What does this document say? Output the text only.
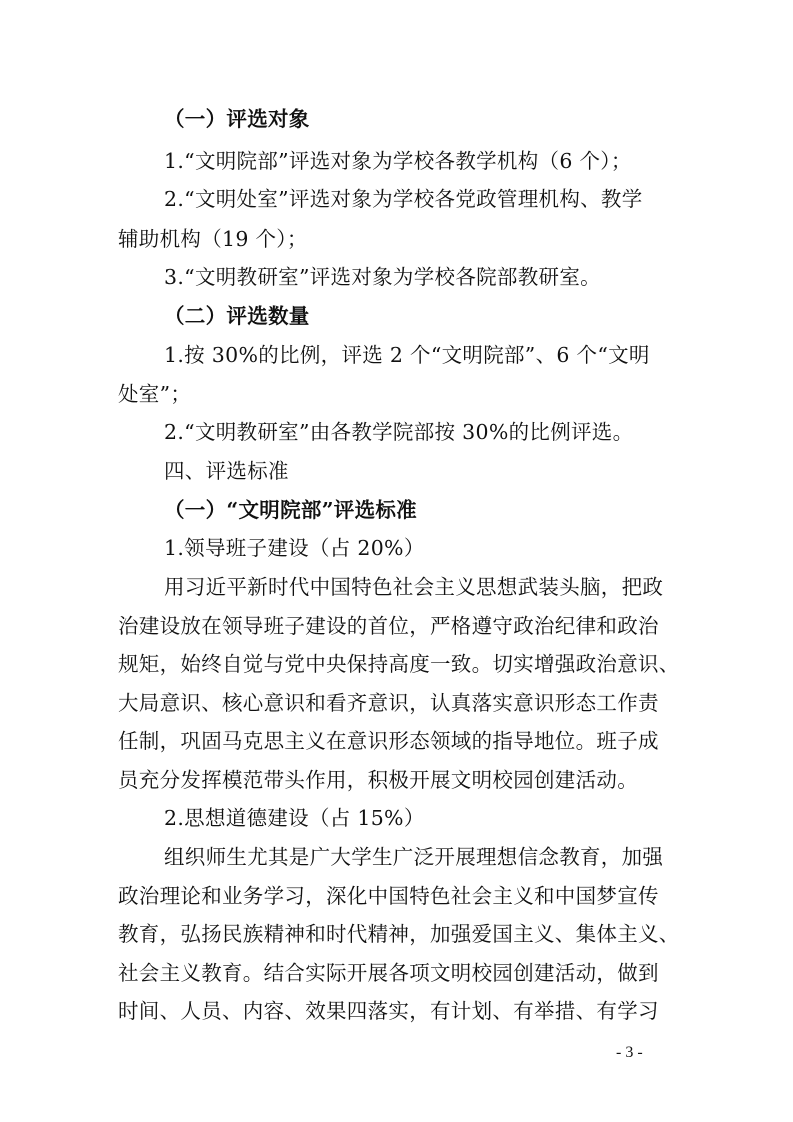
（一）评选对象
1.“文明院部”评选对象为学校各教学机构（6 个）；
2.“文明处室”评选对象为学校各党政管理机构、教学
辅助机构（19 个）；
3.“文明教研室”评选对象为学校各院部教研室。
（二）评选数量
1.按 30%的比例，评选 2 个“文明院部”、6 个“文明
处室”；
2.“文明教研室”由各教学院部按 30%的比例评选。
四、评选标准
（一）“文明院部”评选标准
1.领导班子建设（占 20%）
用习近平新时代中国特色社会主义思想武装头脑，把政
治建设放在领导班子建设的首位，严格遵守政治纪律和政治
规矩，始终自觉与党中央保持高度一致。切实增强政治意识、
大局意识、核心意识和看齐意识，认真落实意识形态工作责
任制，巩固马克思主义在意识形态领域的指导地位。班子成
员充分发挥模范带头作用，积极开展文明校园创建活动。
2.思想道德建设（占 15%）
组织师生尤其是广大学生广泛开展理想信念教育，加强
政治理论和业务学习，深化中国特色社会主义和中国梦宣传
教育，弘扬民族精神和时代精神，加强爱国主义、集体主义、
社会主义教育。结合实际开展各项文明校园创建活动，做到
时间、人员、内容、效果四落实，有计划、有举措、有学习
- 3 -
